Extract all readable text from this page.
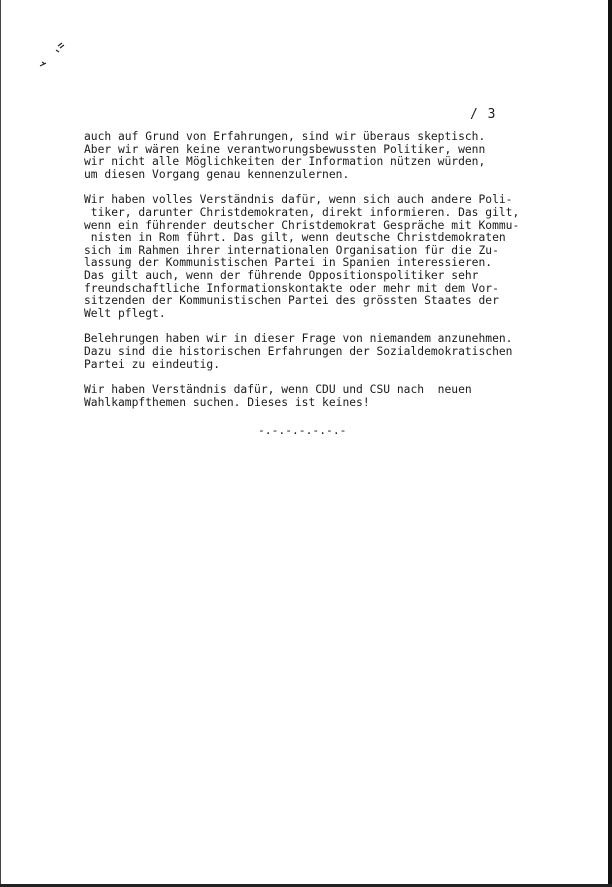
/ 3
auch auf Grund von Erfahrungen, sind wir überaus skeptisch.
Aber wir wären keine verantworungsbewussten Politiker, wenn
wir nicht alle Möglichkeiten der Information nützen würden,
um diesen Vorgang genau kennenzulernen.
Wir haben volles Verständnis dafür, wenn sich auch andere Poli-
tiker, darunter Christdemokraten, direkt informieren. Das gilt,
wenn ein führender deutscher Christdemokrat Gespräche mit Kommu-
nisten in Rom führt. Das gilt, wenn deutsche Christdemokraten
sich im Rahmen ihrer internationalen Organisation für die Zu-
lassung der Kommunistischen Partei in Spanien interessieren.
Das gilt auch, wenn der führende Oppositionspolitiker sehr
freundschaftliche Informationskontakte oder mehr mit dem Vor-
sitzenden der Kommunistischen Partei des grössten Staates der
Welt pflegt.
Belehrungen haben wir in dieser Frage von niemandem anzunehmen.
Dazu sind die historischen Erfahrungen der Sozialdemokratischen
Partei zu eindeutig.
Wir haben Verständnis dafür, wenn CDU und CSU nach  neuen
Wahlkampfthemen suchen. Dieses ist keines!
-.-.-.-.-.-.-
